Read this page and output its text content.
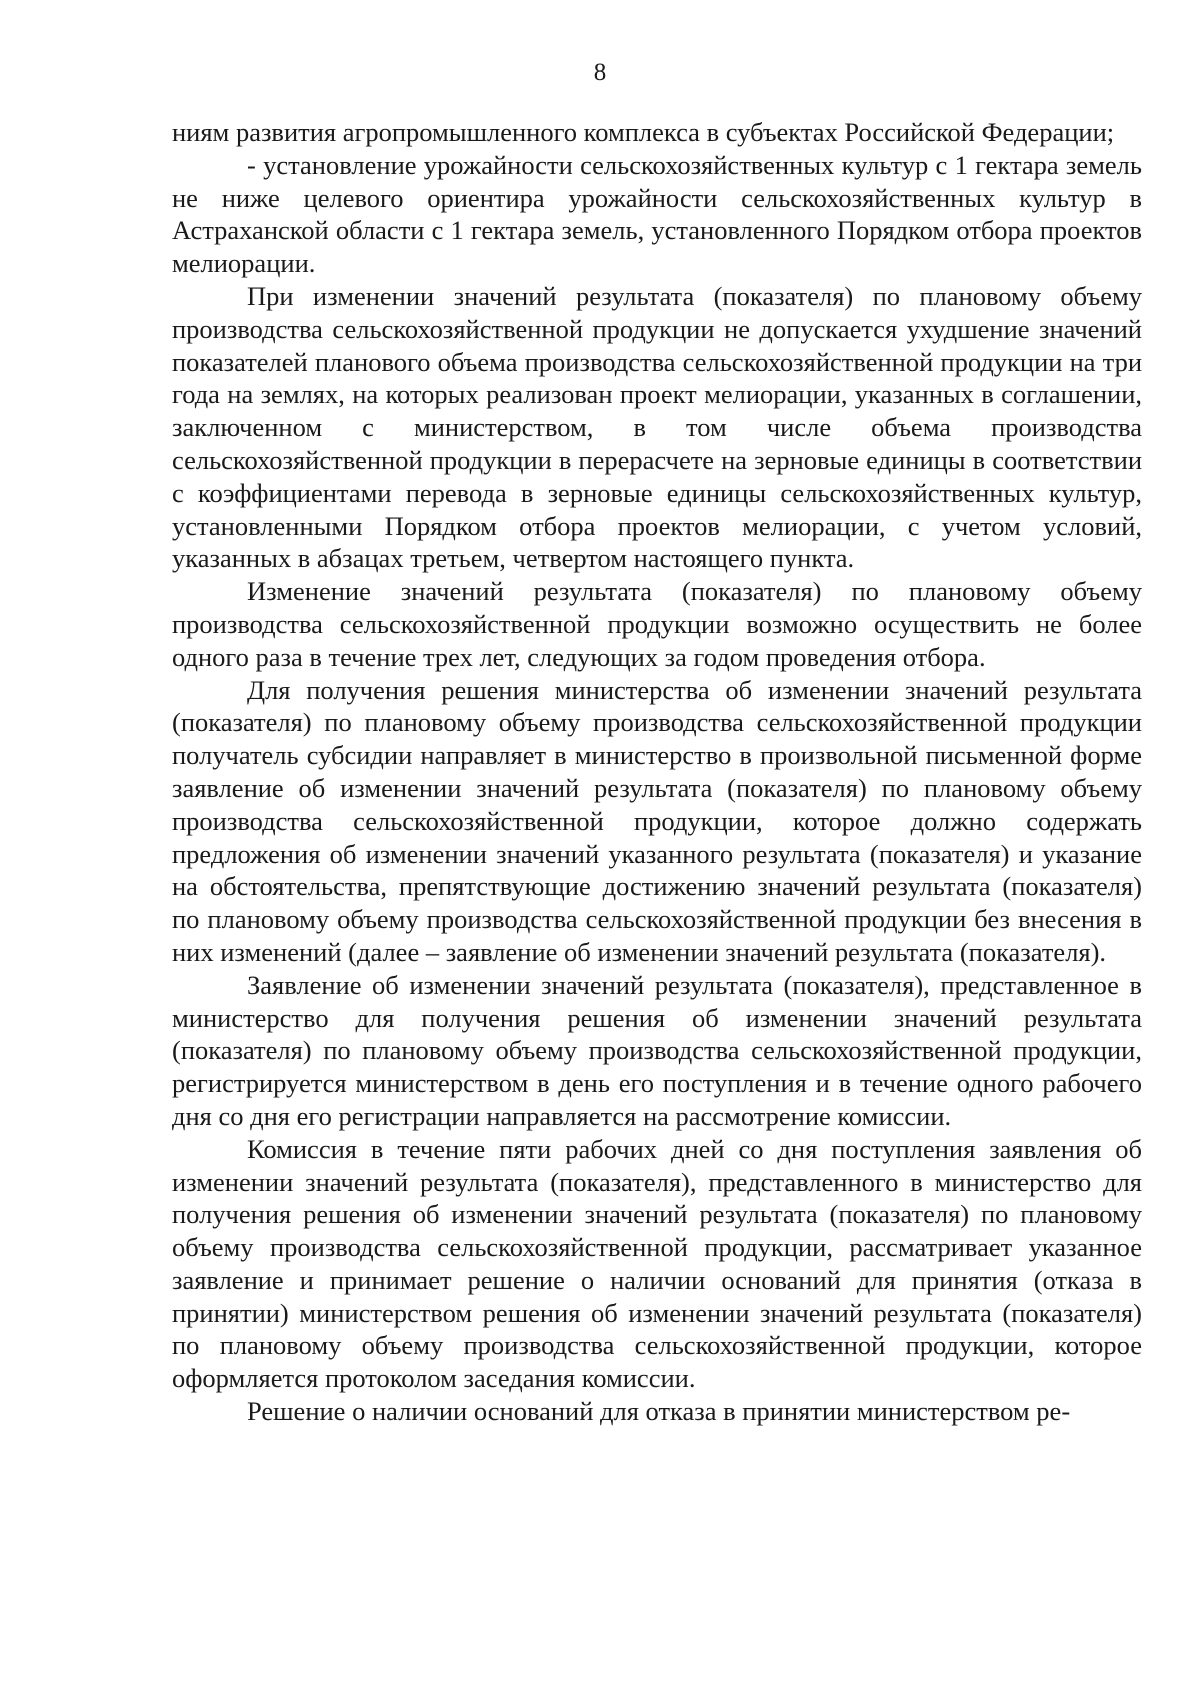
8

ниям развития агропромышленного комплекса в субъектах Российской Федерации;

- установление урожайности сельскохозяйственных культур с 1 гектара земель не ниже целевого ориентира урожайности сельскохозяйственных культур в Астраханской области с 1 гектара земель, установленного Порядком отбора проектов мелиорации.

При изменении значений результата (показателя) по плановому объему производства сельскохозяйственной продукции не допускается ухудшение значений показателей планового объема производства сельскохозяйственной продукции на три года на землях, на которых реализован проект мелиорации, указанных в соглашении, заключенном с министерством, в том числе объема производства сельскохозяйственной продукции в перерасчете на зерновые единицы в соответствии с коэффициентами перевода в зерновые единицы сельскохозяйственных культур, установленными Порядком отбора проектов мелиорации, с учетом условий, указанных в абзацах третьем, четвертом настоящего пункта.

Изменение значений результата (показателя) по плановому объему производства сельскохозяйственной продукции возможно осуществить не более одного раза в течение трех лет, следующих за годом проведения отбора.

Для получения решения министерства об изменении значений результата (показателя) по плановому объему производства сельскохозяйственной продукции получатель субсидии направляет в министерство в произвольной письменной форме заявление об изменении значений результата (показателя) по плановому объему производства сельскохозяйственной продукции, которое должно содержать предложения об изменении значений указанного результата (показателя) и указание на обстоятельства, препятствующие достижению значений результата (показателя) по плановому объему производства сельскохозяйственной продукции без внесения в них изменений (далее – заявление об изменении значений результата (показателя).

Заявление об изменении значений результата (показателя), представленное в министерство для получения решения об изменении значений результата (показателя) по плановому объему производства сельскохозяйственной продукции, регистрируется министерством в день его поступления и в течение одного рабочего дня со дня его регистрации направляется на рассмотрение комиссии.

Комиссия в течение пяти рабочих дней со дня поступления заявления об изменении значений результата (показателя), представленного в министерство для получения решения об изменении значений результата (показателя) по плановому объему производства сельскохозяйственной продукции, рассматривает указанное заявление и принимает решение о наличии оснований для принятия (отказа в принятии) министерством решения об изменении значений результата (показателя) по плановому объему производства сельскохозяйственной продукции, которое оформляется протоколом заседания комиссии.

Решение о наличии оснований для отказа в принятии министерством ре-
